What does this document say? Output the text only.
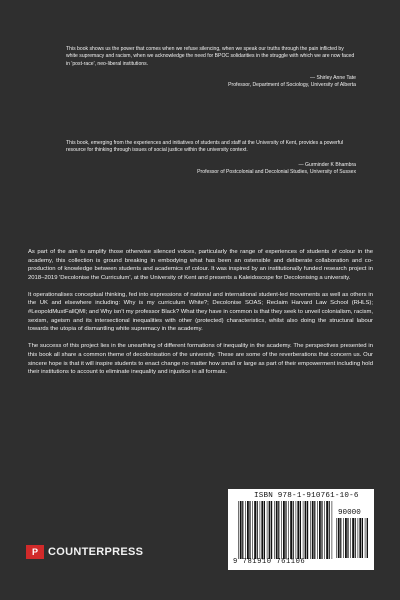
This book shows us the power that comes when we refuse silencing, when we speak our truths through the pain inflicted by white supremacy and racism, when we acknowledge the need for BPOC solidarities in the struggle with which we are now faced in 'post-race', neo-liberal institutions.

— Shirley Anne Tate
Professor, Department of Sociology, University of Alberta

This book, emerging from the experiences and initiatives of students and staff at the University of Kent, provides a powerful resource for thinking through issues of social justice within the university context.

— Gurminder K Bhambra
Professor of Postcolonial and Decolonial Studies, University of Sussex

As part of the aim to amplify those otherwise silenced voices, particularly the range of experiences of students of colour in the academy, this collection is ground breaking in embodying what has been an ostensible and deliberate collaboration and co-production of knowledge between students and academics of colour. It was inspired by an institutionally funded research project in 2018–2019 'Decolonise the Curriculum', at the University of Kent and presents a Kaleidoscope for Decolonising a university.

It operationalises conceptual thinking, fed into expressions of national and international student-led movements as well as others in the UK and elsewhere including: Why is my curriculum White?; Decolonise SOAS; Reclaim Harvard Law School (RHLS); #LeopoldMustFallQMI; and Why isn't my professor Black? What they have in common is that they seek to unveil colonialism, racism, sexism, ageism and its intersectional inequalities with other (protected) characteristics, whilst also doing the structural labour towards the utopia of dismantling white supremacy in the academy.

The success of this project lies in the unearthing of different formations of inequality in the academy. The perspectives presented in this book all share a common theme of decolonisation of the university. These are some of the reverberations that concern us. Our sincere hope is that it will inspire students to enact change no matter how small or large as part of their empowerment including hold their institutions to account to eliminate inequality and injustice in all formats.

ISBN 978-1-910761-10-6
90000
9 781910 761106
P COUNTERPRESS
